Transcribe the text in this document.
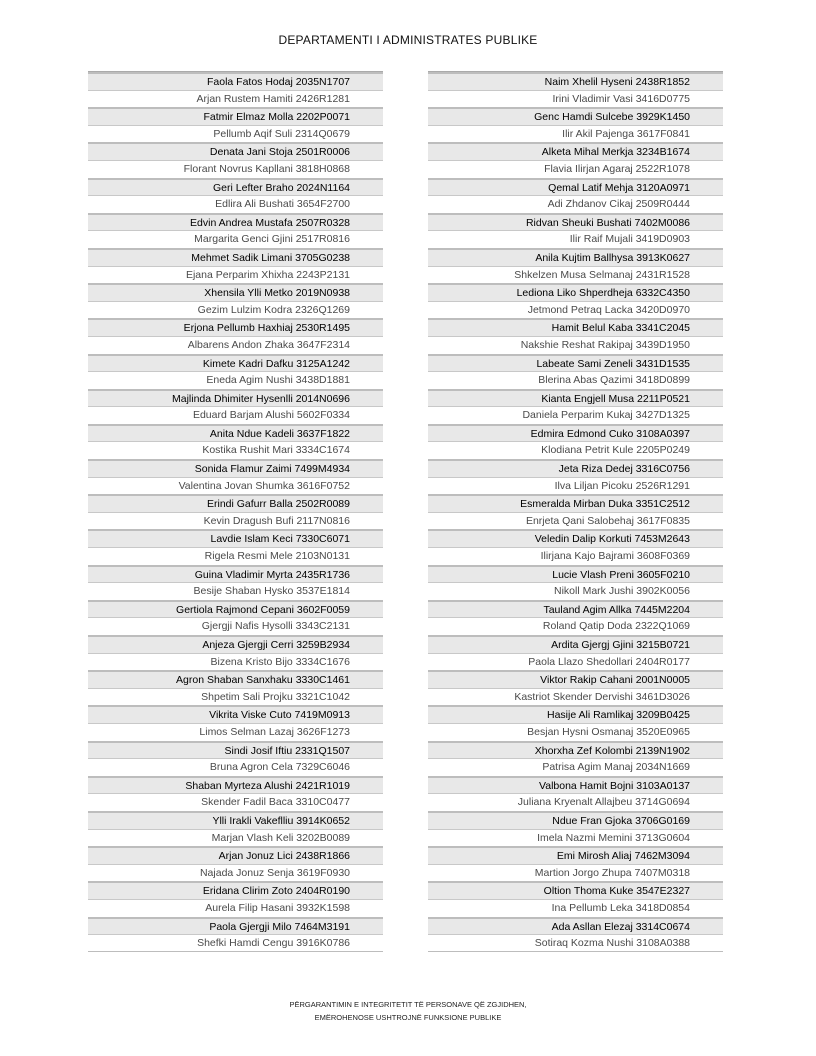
DEPARTAMENTI I ADMINISTRATES PUBLIKE
Faola Fatos Hodaj 2035N1707
Arjan Rustem Hamiti 2426R1281
Fatmir Elmaz Molla 2202P0071
Pellumb Aqif Suli 2314Q0679
Denata Jani Stoja 2501R0006
Florant Novrus Kapllani 3818H0868
Geri Lefter Braho 2024N1164
Edlira Ali Bushati 3654F2700
Edvin Andrea Mustafa 2507R0328
Margarita Genci Gjini 2517R0816
Mehmet Sadik Limani 3705G0238
Ejana Perparim Xhixha 2243P2131
Xhensila Ylli Metko 2019N0938
Gezim Lulzim Kodra 2326Q1269
Erjona Pellumb Haxhiaj 2530R1495
Albarens Andon Zhaka 3647F2314
Kimete Kadri Dafku 3125A1242
Eneda Agim Nushi 3438D1881
Majlinda Dhimiter Hysenlli 2014N0696
Eduard Barjam Alushi 5602F0334
Anita Ndue Kadeli 3637F1822
Kostika Rushit Mari 3334C1674
Sonida Flamur Zaimi 7499M4934
Valentina Jovan Shumka 3616F0752
Erindi Gafurr Balla 2502R0089
Kevin Dragush Bufi 2117N0816
Lavdie Islam Keci 7330C6071
Rigela Resmi Mele 2103N0131
Guina Vladimir Myrta 2435R1736
Besije Shaban Hysko 3537E1814
Gertiola Rajmond Cepani 3602F0059
Gjergji Nafis Hysolli 3343C2131
Anjeza Gjergji Cerri 3259B2934
Bizena Kristo Bijo 3334C1676
Agron Shaban Sanxhaku 3330C1461
Shpetim Sali Projku 3321C1042
Vikrita Viske Cuto 7419M0913
Limos Selman Lazaj 3626F1273
Sindi Josif Iftiu 2331Q1507
Bruna Agron Cela 7329C6046
Shaban Myrteza Alushi 2421R1019
Skender Fadil Baca 3310C0477
Ylli Irakli Vakeflliu 3914K0652
Marjan Vlash Keli 3202B0089
Arjan Jonuz Lici 2438R1866
Najada Jonuz Senja 3619F0930
Eridana Clirim Zoto 2404R0190
Aurela Filip Hasani 3932K1598
Paola Gjergji Milo 7464M3191
Shefki Hamdi Cengu 3916K0786
Naim Xhelil Hyseni 2438R1852
Irini Vladimir Vasi 3416D0775
Genc Hamdi Sulcebe 3929K1450
Ilir Akil Pajenga 3617F0841
Alketa Mihal Merkja 3234B1674
Flavia Ilirjan Agaraj 2522R1078
Qemal Latif Mehja 3120A0971
Adi Zhdanov Cikaj 2509R0444
Ridvan Sheuki Bushati 7402M0086
Ilir Raif Mujali 3419D0903
Anila Kujtim Ballhysa 3913K0627
Shkelzen Musa Selmanaj 2431R1528
Lediona Liko Shperdheja 6332C4350
Jetmond Petraq Lacka 3420D0970
Hamit Belul Kaba 3341C2045
Nakshie Reshat Rakipaj 3439D1950
Labeate Sami Zeneli 3431D1535
Blerina Abas Qazimi 3418D0899
Kianta Engjell Musa 2211P0521
Daniela Perparim Kukaj 3427D1325
Edmira Edmond Cuko 3108A0397
Klodiana Petrit Kule 2205P0249
Jeta Riza Dedej 3316C0756
Ilva Liljan Picoku 2526R1291
Esmeralda Mirban Duka 3351C2512
Enrjeta Qani Salobehaj 3617F0835
Veledin Dalip Korkuti 7453M2643
Ilirjana Kajo Bajrami 3608F0369
Lucie Vlash Preni 3605F0210
Nikoll Mark Jushi 3902K0056
Tauland Agim Allka 7445M2204
Roland Qatip Doda 2322Q1069
Ardita Gjergj Gjini 3215B0721
Paola Llazo Shedollari 2404R0177
Viktor Rakip Cahani 2001N0005
Kastriot Skender Dervishi 3461D3026
Hasije Ali Ramlikaj 3209B0425
Besjan Hysni Osmanaj 3520E0965
Xhorxha Zef Kolombi 2139N1902
Patrisa Agim Manaj 2034N1669
Valbona Hamit Bojni 3103A0137
Juliana Kryenalt Allajbeu 3714G0694
Ndue Fran Gjoka 3706G0169
Imela Nazmi Memini 3713G0604
Emi Mirosh Aliaj 7462M3094
Martion Jorgo Zhupa 7407M0318
Oltion Thoma Kuke 3547E2327
Ina Pellumb Leka 3418D0854
Ada Asllan Elezaj 3314C0674
Sotiraq Kozma Nushi 3108A0388
PËRGARANTIMIN E INTEGRITETIT TË PERSONAVE QË ZGJIDHEN,
EMËROHENOSE USHTROJNË FUNKSIONE PUBLIKE
